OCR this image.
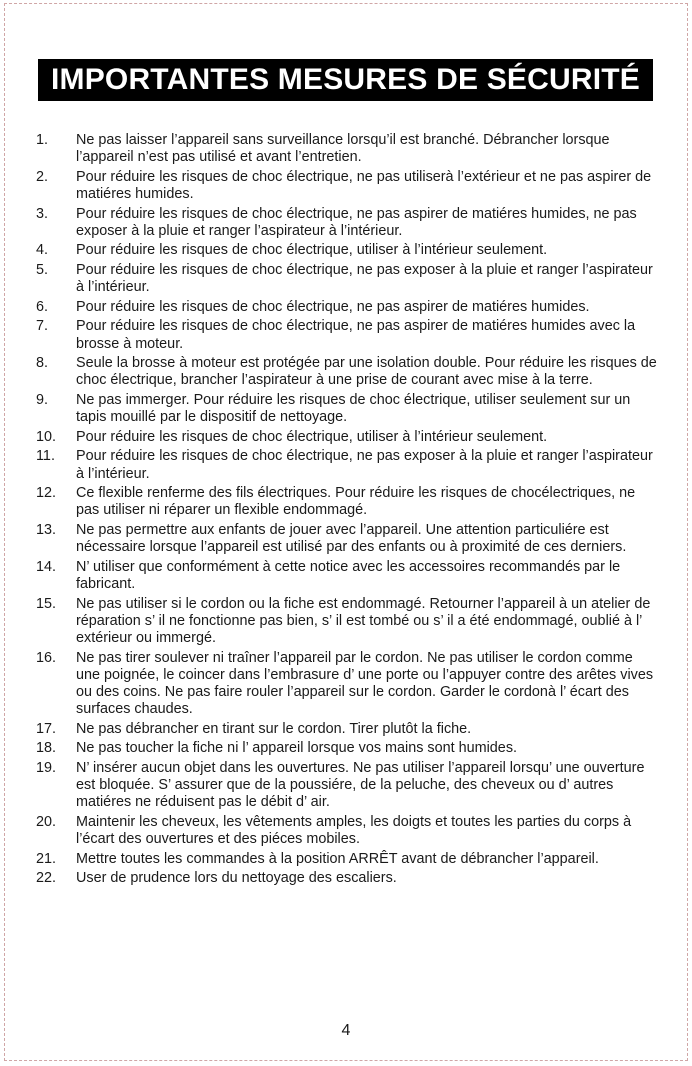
IMPORTANTES MESURES DE SÉCURITÉ
1.	Ne pas laisser l’appareil sans surveillance lorsqu’il est branché. Débrancher lorsque l’appareil n’est pas utilisé et avant l’entretien.
2.	Pour réduire les risques de choc électrique, ne pas utiliserà l’extérieur et ne pas aspirer de matiéres humides.
3.	Pour réduire les risques de choc électrique, ne pas aspirer de matiéres humides, ne pas exposer à la pluie et ranger l’aspirateur à l’intérieur.
4.	Pour réduire les risques de choc électrique, utiliser à l’intérieur seulement.
5.	Pour réduire les risques de choc électrique, ne pas exposer à la pluie et ranger l’aspirateur à l’intérieur.
6.	Pour réduire les risques de choc électrique, ne pas aspirer de matiéres humides.
7.	Pour réduire les risques de choc électrique, ne pas aspirer de matiéres humides avec la brosse à moteur.
8.	Seule la brosse à moteur est protégée par une isolation double. Pour réduire les risques de choc électrique, brancher l’aspirateur à une prise de courant avec mise à la terre.
9.	Ne pas immerger. Pour réduire les risques de choc électrique, utiliser seulement sur un tapis mouillé par le dispositif de nettoyage.
10.	Pour réduire les risques de choc électrique, utiliser à l’intérieur seulement.
11.	Pour réduire les risques de choc électrique, ne pas exposer à la pluie et ranger l’aspirateur à l’intérieur.
12.	Ce flexible renferme des fils électriques. Pour réduire les risques de chocélectriques, ne pas utiliser ni réparer un flexible endommagé.
13.	Ne pas permettre aux enfants de jouer avec l’appareil. Une attention particuliére est nécessaire lorsque l’appareil est utilisé par des enfants ou à proximité de ces derniers.
14.	N’ utiliser que conformément à cette notice avec les accessoires recommandés par le fabricant.
15.	Ne pas utiliser si le cordon ou la fiche est endommagé. Retourner l’appareil à un atelier de réparation s’ il ne fonctionne pas bien, s’ il est tombé ou s’ il a été endommagé, oublié à l’ extérieur ou immergé.
16.	Ne pas tirer soulever ni traîner l’appareil par le cordon. Ne pas utiliser le cordon comme une poignée, le coincer dans l’embrasure d’ une porte ou l’appuyer contre des arêtes vives ou des coins. Ne pas faire rouler l’appareil sur le cordon. Garder le cordonà l’ écart des surfaces chaudes.
17.	Ne pas débrancher en tirant sur le cordon. Tirer plutôt la fiche.
18.	Ne pas toucher la fiche ni l’ appareil lorsque vos mains sont humides.
19.	N’ insérer aucun objet dans les ouvertures. Ne pas utiliser l’appareil lorsqu’ une ouverture est bloquée. S’ assurer que de la poussiére, de la peluche, des cheveux ou d’ autres matiéres ne réduisent pas le débit d’ air.
20.	Maintenir les cheveux, les vêtements amples, les doigts et toutes les parties du corps à l’écart des ouvertures et des piéces mobiles.
21.	Mettre toutes les commandes à la position ARRÊT avant de débrancher l’appareil.
22.	User de prudence lors du nettoyage des escaliers.
4
